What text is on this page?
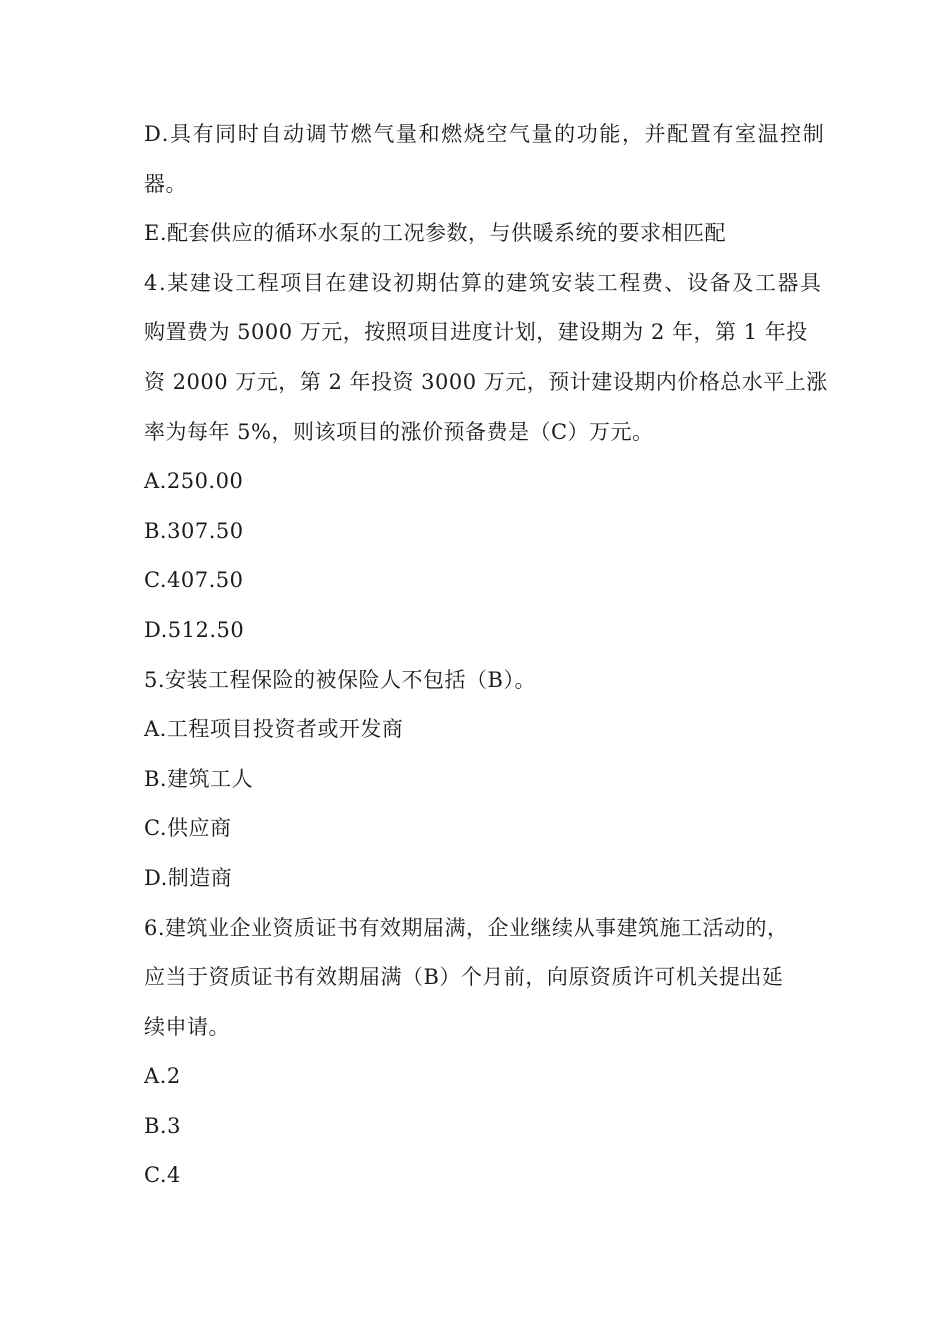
D.具有同时自动调节燃气量和燃烧空气量的功能，并配置有室温控制
器。
E.配套供应的循环水泵的工况参数，与供暖系统的要求相匹配
4.某建设工程项目在建设初期估算的建筑安装工程费、设备及工器具
购置费为 5000 万元，按照项目进度计划，建设期为 2 年，第 1 年投
资 2000 万元，第 2 年投资 3000 万元，预计建设期内价格总水平上涨
率为每年 5%，则该项目的涨价预备费是（C）万元。
A.250.00
B.307.50
C.407.50
D.512.50
5.安装工程保险的被保险人不包括（B）。
A.工程项目投资者或开发商
B.建筑工人
C.供应商
D.制造商
6.建筑业企业资质证书有效期届满，企业继续从事建筑施工活动的，
应当于资质证书有效期届满（B）个月前，向原资质许可机关提出延
续申请。
A.2
B.3
C.4
